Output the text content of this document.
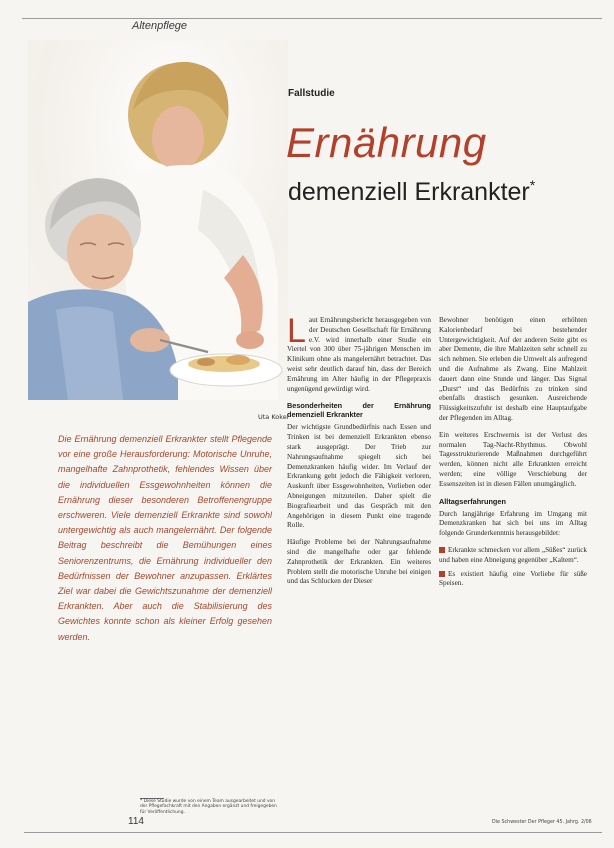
Altenpflege
Uta Kokel
Fallstudie
Ernährung
demenziell Erkrankter*
Die Ernährung demenziell Erkrankter stellt Pflegende vor eine große Herausforderung: Motorische Unruhe, mangelhafte Zahnprothetik, fehlendes Wissen über die individuellen Essgewohnheiten können die Ernährung dieser besonderen Betroffenengruppe erschweren. Viele demenziell Erkrankte sind sowohl untergewichtig als auch mangelernährt. Der folgende Beitrag beschreibt die Bemühungen eines Seniorenzentrums, die Ernährung individueller den Bedürfnissen der Bewohner anzupassen. Erklärtes Ziel war dabei die Gewichtszunahme der demenziell Erkrankten. Aber auch die Stabilisierung des Gewichtes konnte schon als kleiner Erfolg gesehen werden.

Laut Ernährungsbericht herausgegeben von der Deutschen Gesellschaft für Ernährung e.V. wird innerhalb einer Studie ein Viertel von 300 über 75-jährigen Menschen im Klinikum ohne als mangelernährt betrachtet. Das weist sehr deutlich darauf hin, dass der Bereich Ernährung im Alter häufig in der Pflegepraxis ungenügend gewürdigt wird.

Besonderheiten der Ernährung demenziell Erkrankter

Der wichtigste Grundbedürfnis nach Essen und Trinken ist bei demenziell Erkrankten ebenso stark ausgeprägt. Der Trieb zur Nahrungsaufnahme spiegelt sich bei Demenzkranken häufig wider. Im Verlauf der Erkrankung geht jedoch die Fähigkeit verloren, Auskunft über Essgewohnheiten, Vorlieben oder Abneigungen mitzuteilen. Daher spielt die Biografiearbeit und das Gespräch mit den Angehörigen in diesem Punkt eine tragende Rolle.

Häufige Probleme bei der Nahrungsaufnahme sind die mangelhafte oder gar fehlende Zahnprothetik der Erkrankten. Ein weiteres Problem stellt die motorische Unruhe bei einigen und das Schlucken der Dieser

Bewohner benötigen einen erhöhten Kalorienbedarf bei bestehender Untergewichtigkeit. Auf der anderen Seite gibt es aber Demente, die ihre Mahlzeiten sehr schnell zu sich nehmen. Sie erleben die Umwelt als aufregend und die Aufnahme als Zwang. Eine Mahlzeit dauert dann eine Stunde und länger. Das Signal „Durst“ und das Bedürfnis zu trinken sind ebenfalls drastisch gesunken. Ausreichende Flüssigkeitszufuhr ist deshalb eine Hauptaufgabe der Pflegenden im Alltag.

Ein weiteres Erschwernis ist der Verlust des normalen Tag-Nacht-Rhythmus. Obwohl Tagesstrukturierende Maßnahmen durchgeführt werden, können nicht alle Erkrankten erreicht werden; eine völlige Verschiebung der Essenszeiten ist in diesen Fällen unumgänglich.

Alltagserfahrungen

Durch langjährige Erfahrung im Umgang mit Demenzkranken hat sich bei uns im Alltag folgende Grunderkenntnis herausgebildet:

Erkrankte schmecken vor allem „Süßes“ zurück und haben eine Abneigung gegenüber „Kaltem“.

Es existiert häufig eine Vorliebe für süße Speisen.

* Diese Studie wurde von einem Team ausgearbeitet und von der Pflegefachkraft mit den Angaben ergänzt und freigegeben für Veröffentlichung.
114	Die Schwester Der Pfleger 45. Jahrg. 2/06
